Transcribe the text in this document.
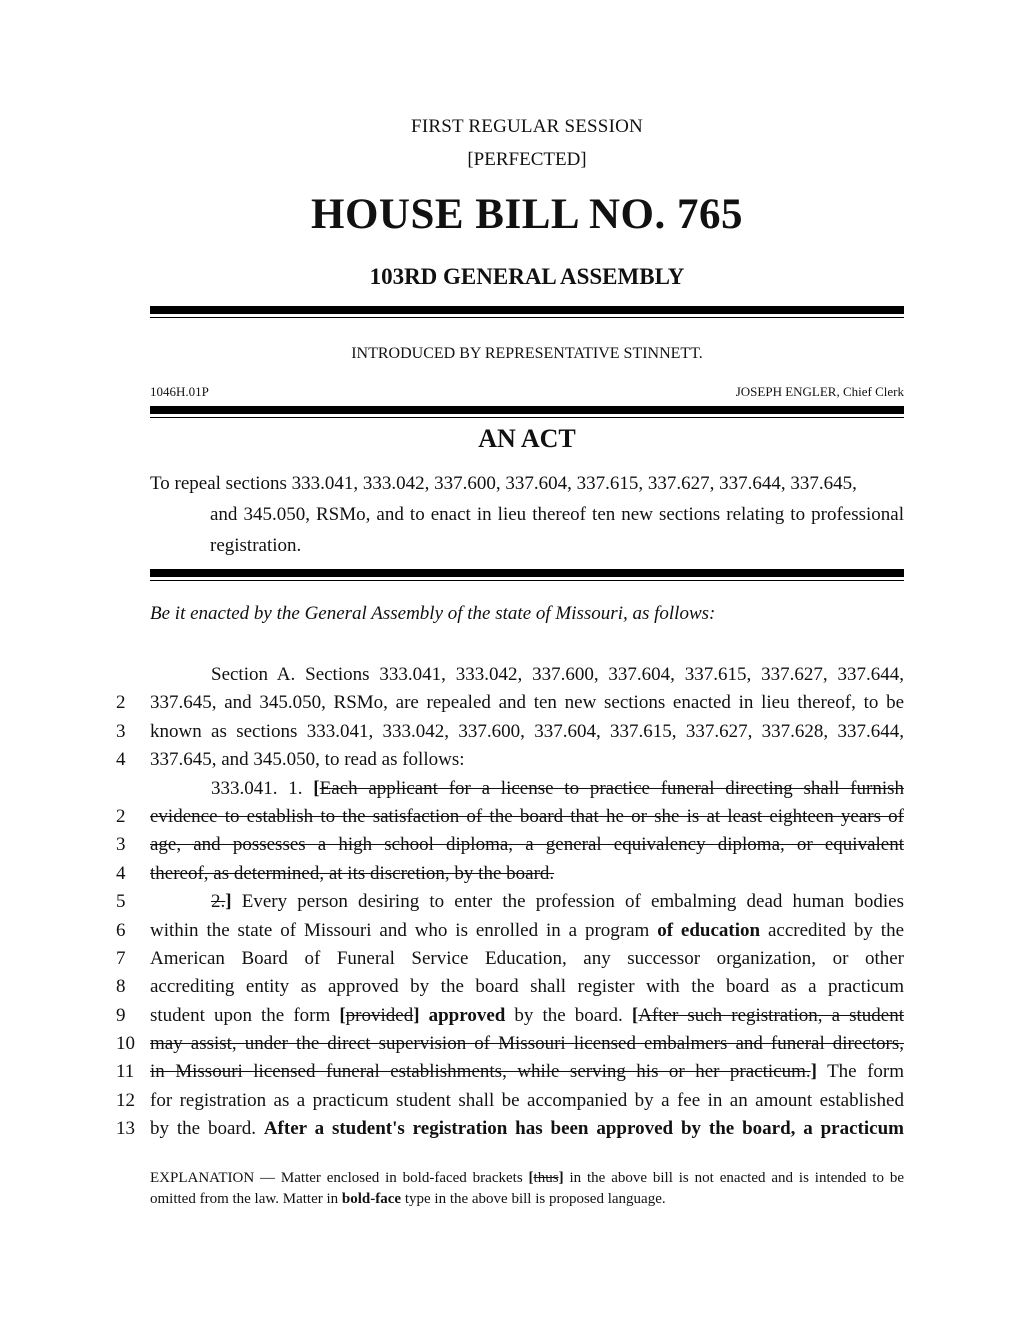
FIRST REGULAR SESSION
[PERFECTED]
HOUSE BILL NO. 765
103RD GENERAL ASSEMBLY
INTRODUCED BY REPRESENTATIVE STINNETT.
1046H.01P	JOSEPH ENGLER, Chief Clerk
AN ACT
To repeal sections 333.041, 333.042, 337.600, 337.604, 337.615, 337.627, 337.644, 337.645,
and 345.050, RSMo, and to enact in lieu thereof ten new sections relating to professional registration.
Be it enacted by the General Assembly of the state of Missouri, as follows:
Section A. Sections 333.041, 333.042, 337.600, 337.604, 337.615, 337.627, 337.644,
2	337.645, and 345.050, RSMo, are repealed and ten new sections enacted in lieu thereof, to be
3	known as sections 333.041, 333.042, 337.600, 337.604, 337.615, 337.627, 337.628, 337.644,
4	337.645, and 345.050, to read as follows:
333.041. 1. [Each applicant for a license to practice funeral directing shall furnish
2	evidence to establish to the satisfaction of the board that he or she is at least eighteen years of
3	age, and possesses a high school diploma, a general equivalency diploma, or equivalent
4	thereof, as determined, at its discretion, by the board.
5	2.] Every person desiring to enter the profession of embalming dead human bodies
6	within the state of Missouri and who is enrolled in a program of education accredited by the
7	American Board of Funeral Service Education, any successor organization, or other
8	accrediting entity as approved by the board shall register with the board as a practicum
9	student upon the form [provided] approved by the board. [After such registration, a student
10 may assist, under the direct supervision of Missouri licensed embalmers and funeral directors,
11 in Missouri licensed funeral establishments, while serving his or her practicum.] The form
12 for registration as a practicum student shall be accompanied by a fee in an amount established
13 by the board. After a student's registration has been approved by the board, a practicum
EXPLANATION — Matter enclosed in bold-faced brackets [thus] in the above bill is not enacted and is intended to be omitted from the law. Matter in bold-face type in the above bill is proposed language.
